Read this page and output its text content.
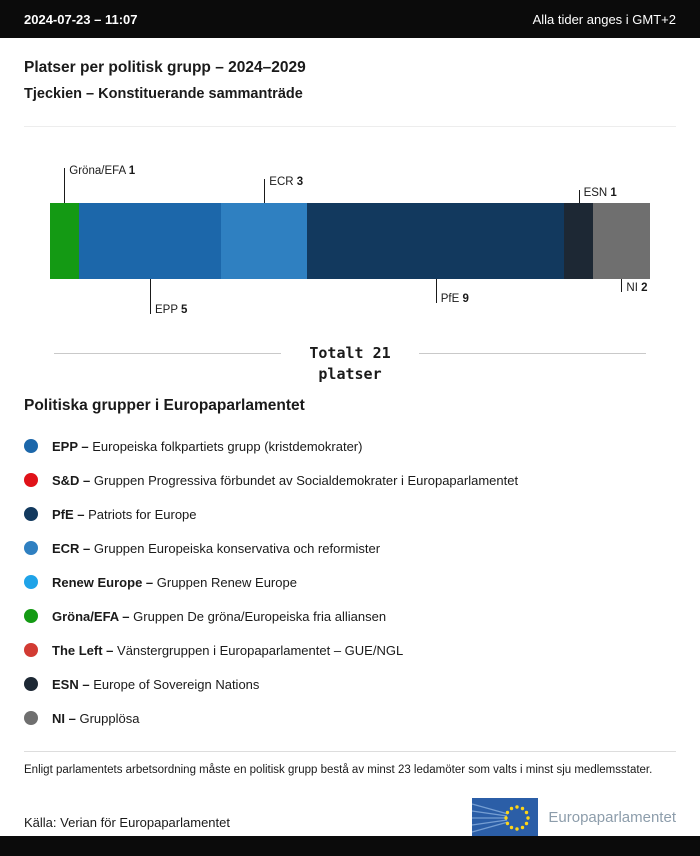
2024-07-23 – 11:07	Alla tider anges i GMT+2
Platser per politisk grupp – 2024–2029
Tjeckien – Konstituerande sammanträde
Gröna/EFA 1
EPP 5
ECR 3
PfE 9
ESN 1
NI 2
Totalt 21 platser
Politiska grupper i Europaparlamentet
EPP – Europeiska folkpartiets grupp (kristdemokrater)
S&D – Gruppen Progressiva förbundet av Socialdemokrater i Europaparlamentet
PfE – Patriots for Europe
ECR – Gruppen Europeiska konservativa och reformister
Renew Europe – Gruppen Renew Europe
Gröna/EFA – Gruppen De gröna/Europeiska fria alliansen
The Left – Vänstergruppen i Europaparlamentet – GUE/NGL
ESN – Europe of Sovereign Nations
NI – Grupplösa

Enligt parlamentets arbetsordning måste en politisk grupp bestå av minst 23 ledamöter som valts i minst sju medlemsstater.

Källa: Verian för Europaparlamentet	Europaparlamentet
